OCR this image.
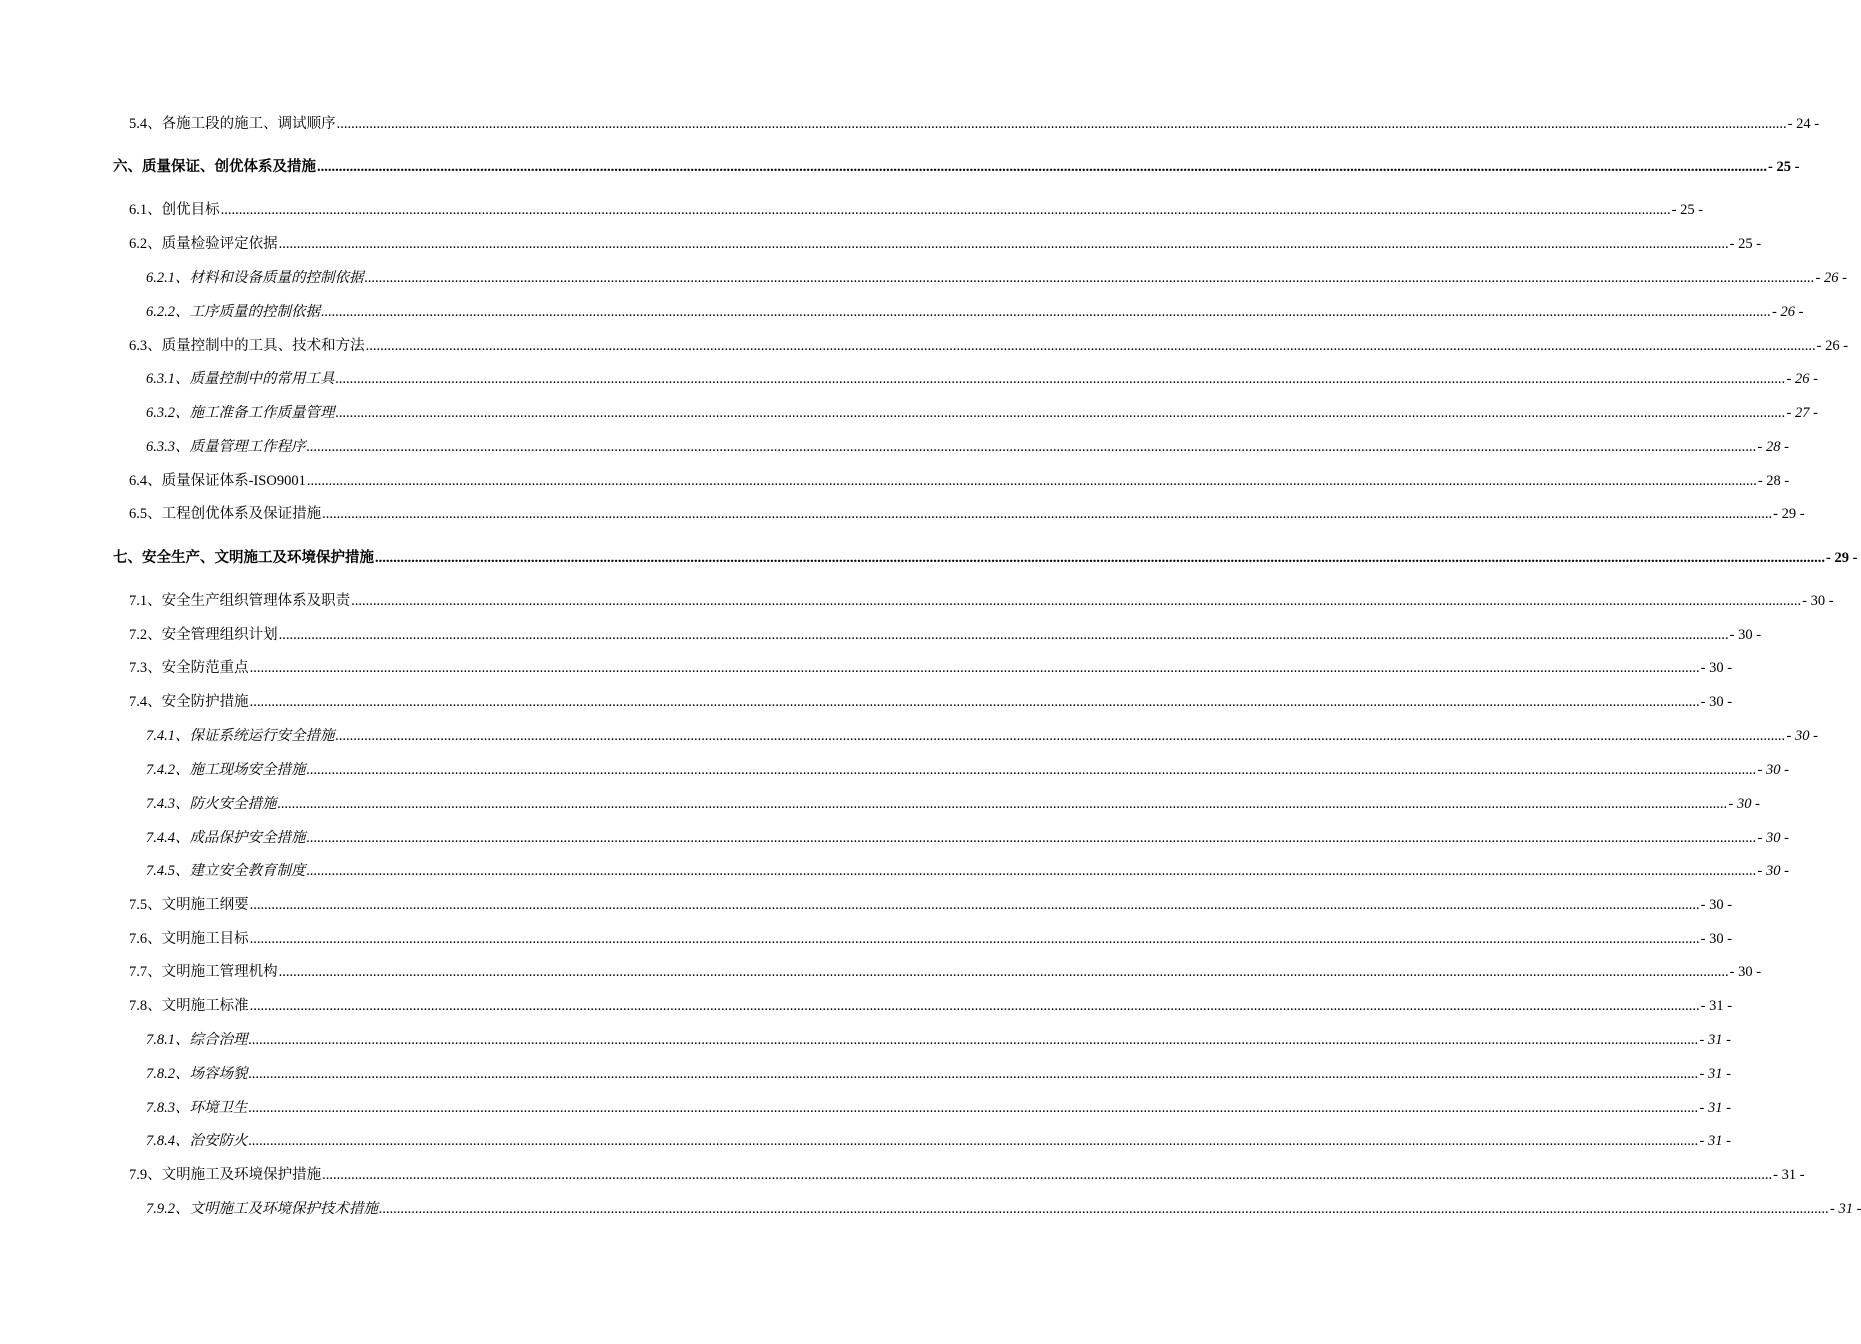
5.4、各施工段的施工、调试顺序 ................................................................................................................................................................................................................................................................................................................................................................................................................ - 24 -
六、质量保证、创优体系及措施 ................................................................................................................................................................................................................................................................................................................................................................................................................ - 25 -
6.1、创优目标 ................................................................................................................................................................................................................................................................................................................................................................................................................ - 25 -
6.2、质量检验评定依据 ................................................................................................................................................................................................................................................................................................................................................................................................................ - 25 -
6.2.1、材料和设备质量的控制依据 ................................................................................................................................................................................................................................................................................................................................................................................................................ - 26 -
6.2.2、工序质量的控制依据 ................................................................................................................................................................................................................................................................................................................................................................................................................ - 26 -
6.3、质量控制中的工具、技术和方法 ................................................................................................................................................................................................................................................................................................................................................................................................................ - 26 -
6.3.1、质量控制中的常用工具 ................................................................................................................................................................................................................................................................................................................................................................................................................ - 26 -
6.3.2、施工准备工作质量管理 ................................................................................................................................................................................................................................................................................................................................................................................................................ - 27 -
6.3.3、质量管理工作程序 ................................................................................................................................................................................................................................................................................................................................................................................................................ - 28 -
6.4、质量保证体系-ISO9001 ................................................................................................................................................................................................................................................................................................................................................................................................................ - 28 -
6.5、工程创优体系及保证措施 ................................................................................................................................................................................................................................................................................................................................................................................................................ - 29 -
七、安全生产、文明施工及环境保护措施 ................................................................................................................................................................................................................................................................................................................................................................................................................ - 29 -
7.1、安全生产组织管理体系及职责 ................................................................................................................................................................................................................................................................................................................................................................................................................ - 30 -
7.2、安全管理组织计划 ................................................................................................................................................................................................................................................................................................................................................................................................................ - 30 -
7.3、安全防范重点 ................................................................................................................................................................................................................................................................................................................................................................................................................ - 30 -
7.4、安全防护措施 ................................................................................................................................................................................................................................................................................................................................................................................................................ - 30 -
7.4.1、保证系统运行安全措施 ................................................................................................................................................................................................................................................................................................................................................................................................................ - 30 -
7.4.2、施工现场安全措施 ................................................................................................................................................................................................................................................................................................................................................................................................................ - 30 -
7.4.3、防火安全措施 ................................................................................................................................................................................................................................................................................................................................................................................................................ - 30 -
7.4.4、成品保护安全措施 ................................................................................................................................................................................................................................................................................................................................................................................................................ - 30 -
7.4.5、建立安全教育制度 ................................................................................................................................................................................................................................................................................................................................................................................................................ - 30 -
7.5、文明施工纲要 ................................................................................................................................................................................................................................................................................................................................................................................................................ - 30 -
7.6、文明施工目标 ................................................................................................................................................................................................................................................................................................................................................................................................................ - 30 -
7.7、文明施工管理机构 ................................................................................................................................................................................................................................................................................................................................................................................................................ - 30 -
7.8、文明施工标准 ................................................................................................................................................................................................................................................................................................................................................................................................................ - 31 -
7.8.1、综合治理 ................................................................................................................................................................................................................................................................................................................................................................................................................ - 31 -
7.8.2、场容场貌 ................................................................................................................................................................................................................................................................................................................................................................................................................ - 31 -
7.8.3、环境卫生 ................................................................................................................................................................................................................................................................................................................................................................................................................ - 31 -
7.8.4、治安防火 ................................................................................................................................................................................................................................................................................................................................................................................................................ - 31 -
7.9、文明施工及环境保护措施 ................................................................................................................................................................................................................................................................................................................................................................................................................ - 31 -
7.9.2、文明施工及环境保护技术措施 ................................................................................................................................................................................................................................................................................................................................................................................................................ - 31 -
